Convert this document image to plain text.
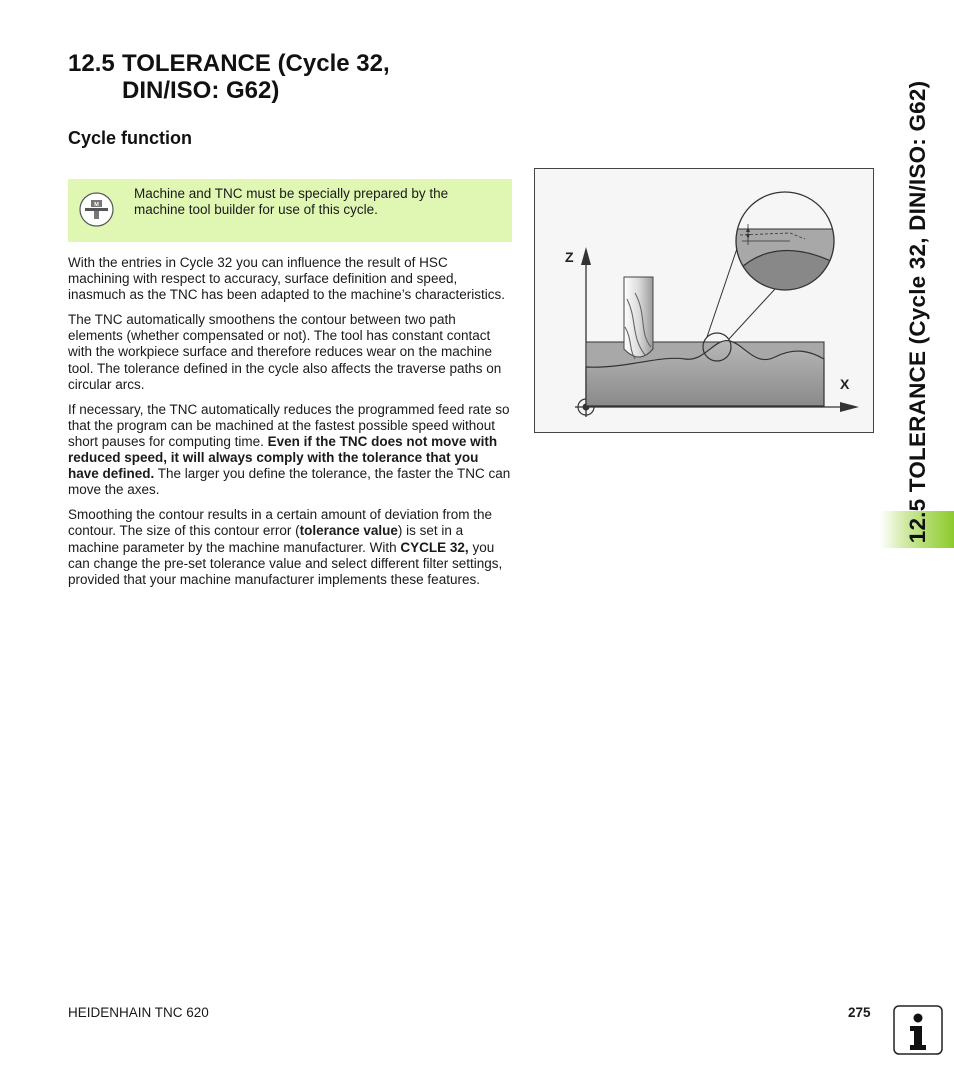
12.5 TOLERANCE (Cycle 32,
DIN/ISO: G62)
Cycle function
M
Machine and TNC must be specially prepared by the machine tool builder for use of this cycle.

With the entries in Cycle 32 you can influence the result of HSC machining with respect to accuracy, surface definition and speed, inasmuch as the TNC has been adapted to the machine’s characteristics.

The TNC automatically smoothens the contour between two path elements (whether compensated or not). The tool has constant contact with the workpiece surface and therefore reduces wear on the machine tool. The tolerance defined in the cycle also affects the traverse paths on circular arcs.

If necessary, the TNC automatically reduces the programmed feed rate so that the program can be machined at the fastest possible speed without short pauses for computing time. Even if the TNC does not move with reduced speed, it will always comply with the tolerance that you have defined. The larger you define the tolerance, the faster the TNC can move the axes.

Smoothing the contour results in a certain amount of deviation from the contour. The size of this contour error (tolerance value) is set in a machine parameter by the machine manufacturer. With CYCLE 32, you can change the pre-set tolerance value and select different filter settings, provided that your machine manufacturer implements these features.

Z
X 12.5 TOLERANCE (Cycle 32, DIN/ISO: G62)
HEIDENHAIN TNC 620	275
